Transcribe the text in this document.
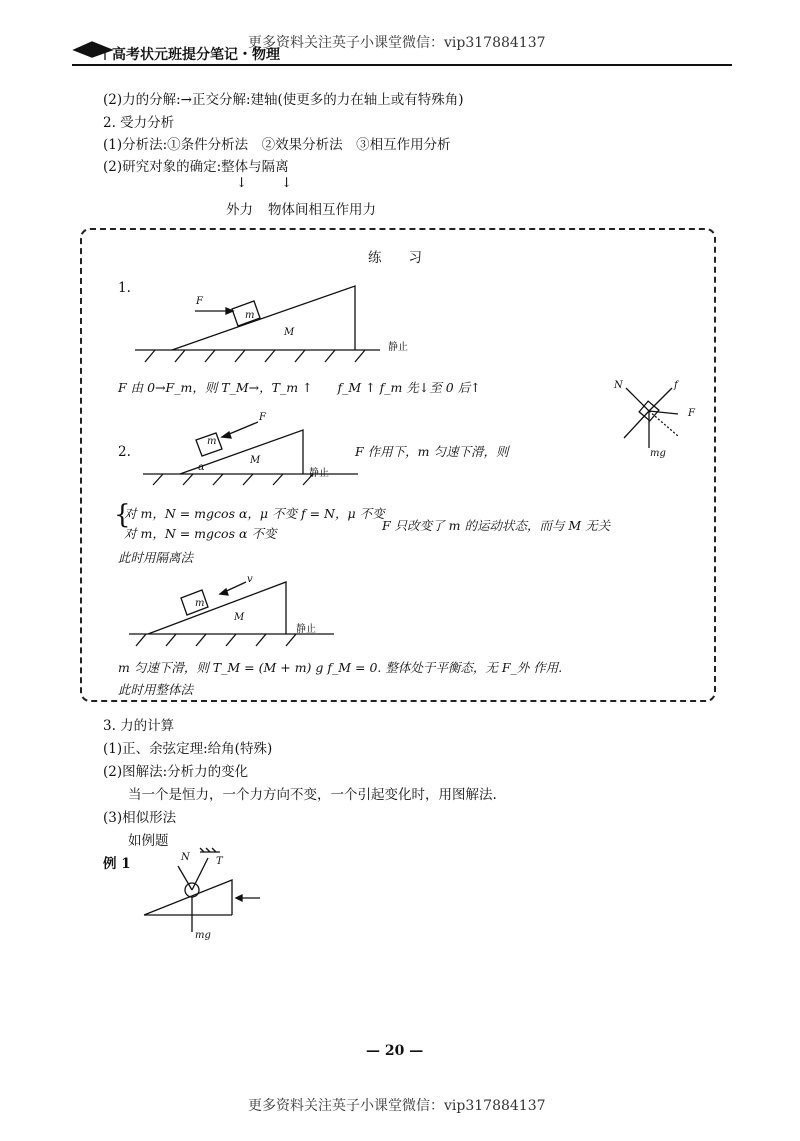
更多资料关注英子小课堂微信：vip317884137
高考状元班提分笔记・物理
(2)力的分解:→正交分解:建轴(使更多的力在轴上或有特殊角)
2. 受力分析
(1)分析法:①条件分析法　②效果分析法　③相互作用分析
(2)研究对象的确定:整体与隔离
↓ ↓
外力 物体间相互作用力
练　　习
1.
F
m
M
静止
F 由 0→F_m，则 T_M→，T_m ↑　　f_M ↑ f_m 先↓至 0 后↑	N	f
F
mg
2.
F
m
M
α
静止
F 作用下，m 匀速下滑，则
{
对 m，N = mgcos α，μ 不变 f = N，μ 不变
对 m，N = mgcos α 不变
F 只改变了 m 的运动状态，而与 M 无关
此时用隔离法
v
m
M
静止
m 匀速下滑，则 T_M = (M + m) g f_M = 0. 整体处于平衡态，无 F_外 作用.
此时用整体法
3. 力的计算
(1)正、余弦定理:给角(特殊)
(2)图解法:分析力的变化
当一个是恒力，一个力方向不变，一个引起变化时，用图解法.
(3)相似形法
如例题
例 1	N	T
mg
— 20 —
更多资料关注英子小课堂微信：vip317884137
